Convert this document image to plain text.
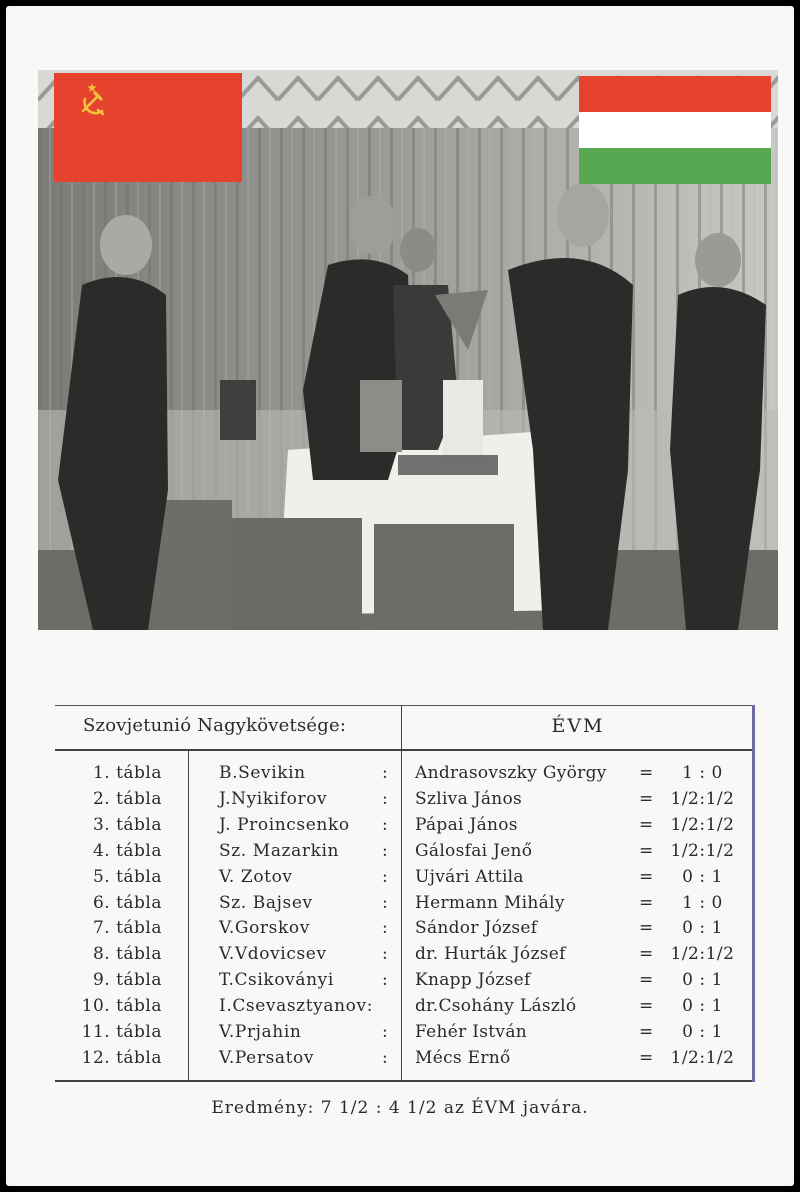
Szovjetunió Nagykövetsége:	ÉVM
1. tábla	B.Sevikin	: Andrasovszky György =	1 : 0
2. tábla	J.Nyikiforov	: Szliva János	=	1/2:1/2
3. tábla	J. Proincsenko : Pápai János	=	1/2:1/2
4. tábla	Sz. Mazarkin	: Gálosfai Jenő	=	1/2:1/2
5. tábla	V. Zotov	: Ujvári Attila	=	0 : 1
6. tábla	Sz. Bajsev	: Hermann Mihály	=	1 : 0
7. tábla	V.Gorskov	: Sándor József	=	0 : 1
8. tábla	V.Vdovicsev	: dr. Hurták József	=	1/2:1/2
9. tábla	T.Csikoványi	: Knapp József	=	0 : 1
10. tábla	I.Csevasztyanov: dr.Csohány László	=	0 : 1
11. tábla	V.Prjahin	: Fehér István	=	0 : 1
12. tábla	V.Persatov	: Mécs Ernő	=	1/2:1/2
Eredmény: 7 1/2 : 4 1/2 az ÉVM javára.
